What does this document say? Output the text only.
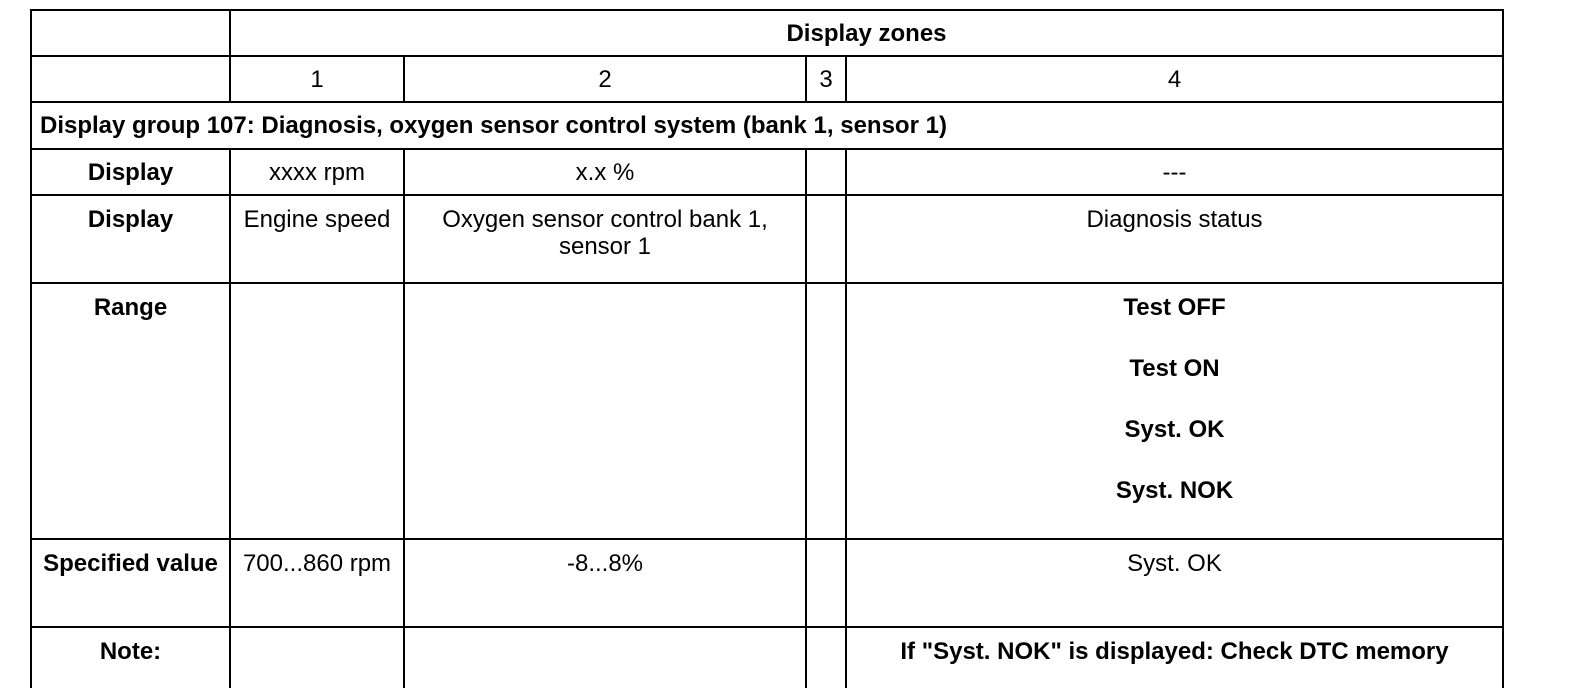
	Display zones			
	1	2	3	4
Display group 107: Diagnosis, oxygen sensor control system (bank 1, sensor 1)				
Display	xxxx rpm	x.x %		---
Display	Engine speed	Oxygen sensor control bank 1, sensor 1		Diagnosis status
Range				Test OFF
Test ON
Syst. OK
Syst. NOK

Specified value	700...860 rpm	-8...8%		Syst. OK
Note:				If "Syst. NOK" is displayed: Check DTC memory
